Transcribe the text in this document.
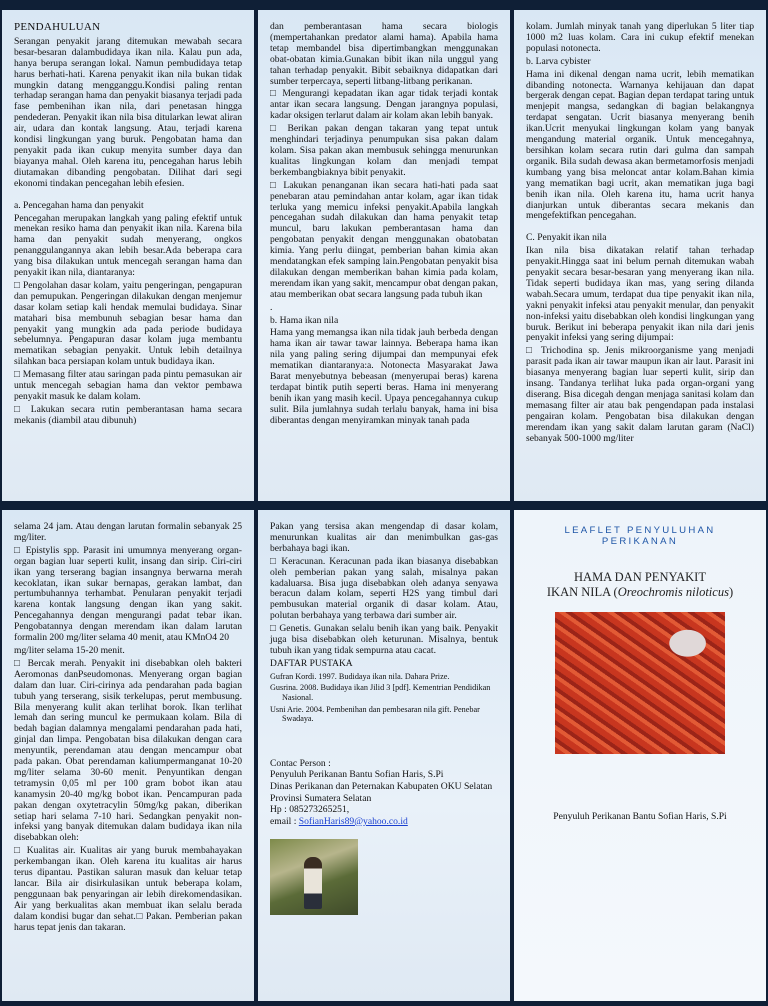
PENDAHULUAN

Serangan penyakit jarang ditemukan mewabah secara besar-besaran dalambudidaya ikan nila. Kalau pun ada, hanya berupa serangan lokal. Namun pembudidaya tetap harus berhati-hati. Karena penyakit ikan nila bukan tidak mungkin datang mengganggu.Kondisi paling rentan terhadap serangan hama dan penyakit biasanya terjadi pada fase pembenihan ikan nila, dari penetasan hingga pendederan. Penyakit ikan nila bisa ditularkan lewat aliran air, udara dan kontak langsung. Atau, terjadi karena kondisi lingkungan yang buruk. Pengobatan hama dan penyakit pada ikan cukup menyita sumber daya dan biayanya mahal. Oleh karena itu, pencegahan harus lebih diutamakan dibanding pengobatan. Dilihat dari segi ekonomi tindakan pencegahan lebih efesien.

a. Pencegahan hama dan penyakit

Pencegahan merupakan langkah yang paling efektif untuk menekan resiko hama dan penyakit ikan nila. Karena bila hama dan penyakit sudah menyerang, ongkos penanggulangannya akan lebih besar.Ada beberapa cara yang bisa dilakukan untuk mencegah serangan hama dan penyakit ikan nila, diantaranya:

□ Pengolahan dasar kolam, yaitu pengeringan, pengapuran dan pemupukan. Pengeringan dilakukan dengan menjemur dasar kolam setiap kali hendak memulai budidaya. Sinar matahari bisa membunuh sebagian besar hama dan penyakit yang mungkin ada pada periode budidaya sebelumnya. Pengapuran dasar kolam juga membantu mematikan sebagian penyakit. Untuk lebih detailnya silahkan baca persiapan kolam untuk budidaya ikan.

□ Memasang filter atau saringan pada pintu pemasukan air untuk mencegah sebagian hama dan vektor pembawa penyakit masuk ke dalam kolam.

□ Lakukan secara rutin pemberantasan hama secara mekanis (diambil atau dibunuh)

dan pemberantasan hama secara biologis (mempertahankan predator alami hama). Apabila hama tetap membandel bisa dipertimbangkan menggunakan obat-obatan kimia.Gunakan bibit ikan nila unggul yang tahan terhadap penyakit. Bibit sebaiknya didapatkan dari sumber terpercaya, seperti litbang-litbang perikanan.

□ Mengurangi kepadatan ikan agar tidak terjadi kontak antar ikan secara langsung. Dengan jarangnya populasi, kadar oksigen terlarut dalam air kolam akan lebih banyak.

□ Berikan pakan dengan takaran yang tepat untuk menghindari terjadinya penumpukan sisa pakan dalam kolam. Sisa pakan akan membusuk sehingga menurunkan kualitas lingkungan kolam dan menjadi tempat berkembangbiaknya bibit penyakit.

□ Lakukan penanganan ikan secara hati-hati pada saat penebaran atau pemindahan antar kolam, agar ikan tidak terluka yang memicu infeksi penyakit.Apabila langkah pencegahan sudah dilakukan dan hama penyakit tetap muncul, baru lakukan pemberantasan hama dan pengobatan penyakit dengan menggunakan obatobatan kimia. Yang perlu diingat, pemberian bahan kimia akan mendatangkan efek samping lain.Pengobatan penyakit bisa dilakukan dengan memberikan bahan kimia pada kolam, merendam ikan yang sakit, mencampur obat dengan pakan, atau memberikan obat secara langsung pada tubuh ikan

.

b. Hama ikan nila

Hama yang memangsa ikan nila tidak jauh berbeda dengan hama ikan air tawar tawar lainnya. Beberapa hama ikan nila yang paling sering dijumpai dan mempunyai efek mematikan diantaranya:a. Notonecta Masyarakat Jawa Barat menyebutnya bebeasan (menyerupai beras) karena terdapat bintik putih seperti beras. Hama ini menyerang benih ikan yang masih kecil. Upaya pencegahannya cukup sulit. Bila jumlahnya sudah terlalu banyak, hama ini bisa diberantas dengan menyiramkan minyak tanah pada

kolam. Jumlah minyak tanah yang diperlukan 5 liter tiap 1000 m2 luas kolam. Cara ini cukup efektif menekan populasi notonecta.

b. Larva cybister

Hama ini dikenal dengan nama ucrit, lebih mematikan dibanding notonecta. Warnanya kehijauan dan dapat bergerak dengan cepat. Bagian depan terdapat taring untuk menjepit mangsa, sedangkan di bagian belakangnya terdapat sengatan. Ucrit biasanya menyerang benih ikan.Ucrit menyukai lingkungan kolam yang banyak mengandung material organik. Untuk mencegahnya, bersihkan kolam secara rutin dari gulma dan sampah organik. Bila sudah dewasa akan bermetamorfosis menjadi kumbang yang bisa meloncat antar kolam.Bahan kimia yang mematikan bagi ucrit, akan mematikan juga bagi benih ikan nila. Oleh karena itu, hama ucrit hanya dianjurkan untuk diberantas secara mekanis dan mengefektifkan pencegahan.

C. Penyakit ikan nila

Ikan nila bisa dikatakan relatif tahan terhadap penyakit.Hingga saat ini belum pernah ditemukan wabah penyakit secara besar-besaran yang menyerang ikan nila. Tidak seperti budidaya ikan mas, yang sering dilanda wabah.Secara umum, terdapat dua tipe penyakit ikan nila, yakni penyakit infeksi atau penyakit menular, dan penyakit non-infeksi yaitu disebabkan oleh kondisi lingkungan yang buruk. Berikut ini beberapa penyakit ikan nila dari jenis penyakit infeksi yang sering dijumpai:

□ Trichodina sp. Jenis mikroorganisme yang menjadi parasit pada ikan air tawar maupun ikan air laut. Parasit ini biasanya menyerang bagian luar seperti kulit, sirip dan insang. Tandanya terlihat luka pada organ-organi yang diserang. Bisa dicegah dengan menjaga sanitasi kolam dan memasang filter air atau bak pengendapan pada instalasi pengairan kolam. Pengobatan bisa dilakukan dengan merendam ikan yang sakit dalam larutan garam (NaCl) sebanyak 500-1000 mg/liter

selama 24 jam. Atau dengan larutan formalin sebanyak 25 mg/liter.

□ Epistylis spp. Parasit ini umumnya menyerang organ-organ bagian luar seperti kulit, insang dan sirip. Ciri-ciri ikan yang terserang bagian insangnya berwarna merah kecoklatan, ikan sukar bernapas, gerakan lambat, dan pertumbuhannya terhambat. Penularan penyakit terjadi karena kontak langsung dengan ikan yang sakit. Pencegahannya dengan mengurangi padat tebar ikan. Pengobatannya dengan merendam ikan dalam larutan formalin 200 mg/liter selama 40 menit, atau KMnO4 20

mg/liter selama 15-20 menit.

□ Bercak merah. Penyakit ini disebabkan oleh bakteri Aeromonas danPseudomonas. Menyerang organ bagian dalam dan luar. Ciri-cirinya ada pendarahan pada bagian tubuh yang terserang, sisik terkelupas, perut membusung. Bila menyerang kulit akan terlihat borok. Ikan terlihat lemah dan sering muncul ke permukaan kolam. Bila di bedah bagian dalamnya mengalami pendarahan pada hati, ginjal dan limpa. Pengobatan bisa dilakukan dengan cara menyuntik, perendaman atau dengan mencampur obat pada pakan. Obat perendaman kaliumpermanganat 10-20 mg/liter selama 30-60 menit. Penyuntikan dengan tetramysin 0,05 ml per 100 gram bobot ikan atau kanamysin 20-40 mg/kg bobot ikan. Pencampuran pada pakan dengan oxytetracylin 50mg/kg pakan, diberikan setiap hari selama 7-10 hari. Sedangkan penyakit non-infeksi yang banyak ditemukan dalam budidaya ikan nila disebabkan oleh:

□ Kualitas air. Kualitas air yang buruk membahayakan perkembangan ikan. Oleh karena itu kualitas air harus terus dipantau. Pastikan saluran masuk dan keluar tetap lancar. Bila air disirkulasikan untuk beberapa kolam, penggunaan bak penyaringan air lebih direkomendasikan. Air yang berkualitas akan membuat ikan selalu berada dalam kondisi bugar dan sehat.□ Pakan. Pemberian pakan harus tepat jenis dan takaran.

Pakan yang tersisa akan mengendap di dasar kolam, menurunkan kualitas air dan menimbulkan gas-gas berbahaya bagi ikan.

□ Keracunan. Keracunan pada ikan biasanya disebabkan oleh pemberian pakan yang salah, misalnya pakan kadaluarsa. Bisa juga disebabkan oleh adanya senyawa beracun dalam kolam, seperti H2S yang timbul dari pembusukan material organik di dasar kolam. Atau, polutan berbahaya yang terbawa dari sumber air.

□ Genetis. Gunakan selalu benih ikan yang baik. Penyakit juga bisa disebabkan oleh keturunan. Misalnya, bentuk tubuh ikan yang tidak sempurna atau cacat.

DAFTAR PUSTAKA

Gufran Kordi. 1997. Budidaya ikan nila. Dahara Prize.

Gusrina. 2008. Budidaya ikan Jilid 3 [pdf]. Kementrian Pendidikan Nasional.

Usni Arie. 2004. Pembenihan dan pembesaran nila gift. Penebar Swadaya.

Contac Person :
Penyuluh Perikanan Bantu Sofian Haris, S.Pi
Dinas Perikanan dan Peternakan Kabupaten OKU Selatan Provinsi Sumatera Selatan
Hp : 085273265251,
email : SofianHaris89@yahoo.co.id
LEAFLET PENYULUHAN PERIKANAN
HAMA DAN PENYAKIT
IKAN NILA (Oreochromis niloticus)
Penyuluh Perikanan Bantu Sofian Haris, S.Pi
